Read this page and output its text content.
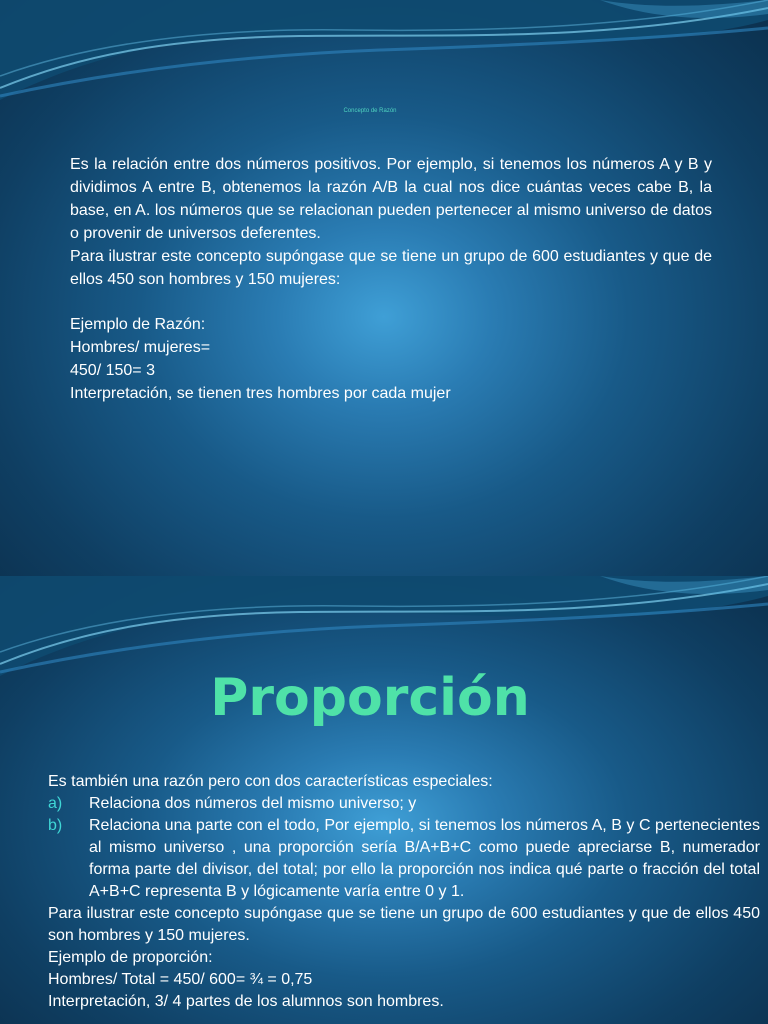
Concepto de Razón

Es la relación entre dos números positivos. Por ejemplo, si tenemos los números A y B y dividimos A entre B, obtenemos la razón A/B la cual nos dice cuántas veces cabe B, la base, en A. los números que se relacionan pueden pertenecer al mismo universo de datos o provenir de universos deferentes.

Para ilustrar este concepto supóngase que se tiene un grupo de 600 estudiantes y que de ellos 450 son hombres y 150 mujeres:

Ejemplo de Razón:

Hombres/ mujeres=

450/ 150= 3

Interpretación, se tienen tres hombres por cada mujer

Proporción

Es también una razón pero con dos características especiales:

a) Relaciona dos números del mismo universo; y
b) Relaciona una parte con el todo, Por ejemplo, si tenemos los números A, B y C pertenecientes al mismo universo , una proporción sería B/A+B+C como puede apreciarse B, numerador forma parte del divisor, del total; por ello la proporción nos indica qué parte o fracción del total A+B+C representa B y lógicamente varía entre 0 y 1.

Para ilustrar este concepto supóngase que se tiene un grupo de 600 estudiantes y que de ellos 450 son hombres y 150 mujeres.

Ejemplo de proporción:

Hombres/ Total = 450/ 600= ¾ = 0,75

Interpretación, 3/ 4 partes de los alumnos son hombres.
